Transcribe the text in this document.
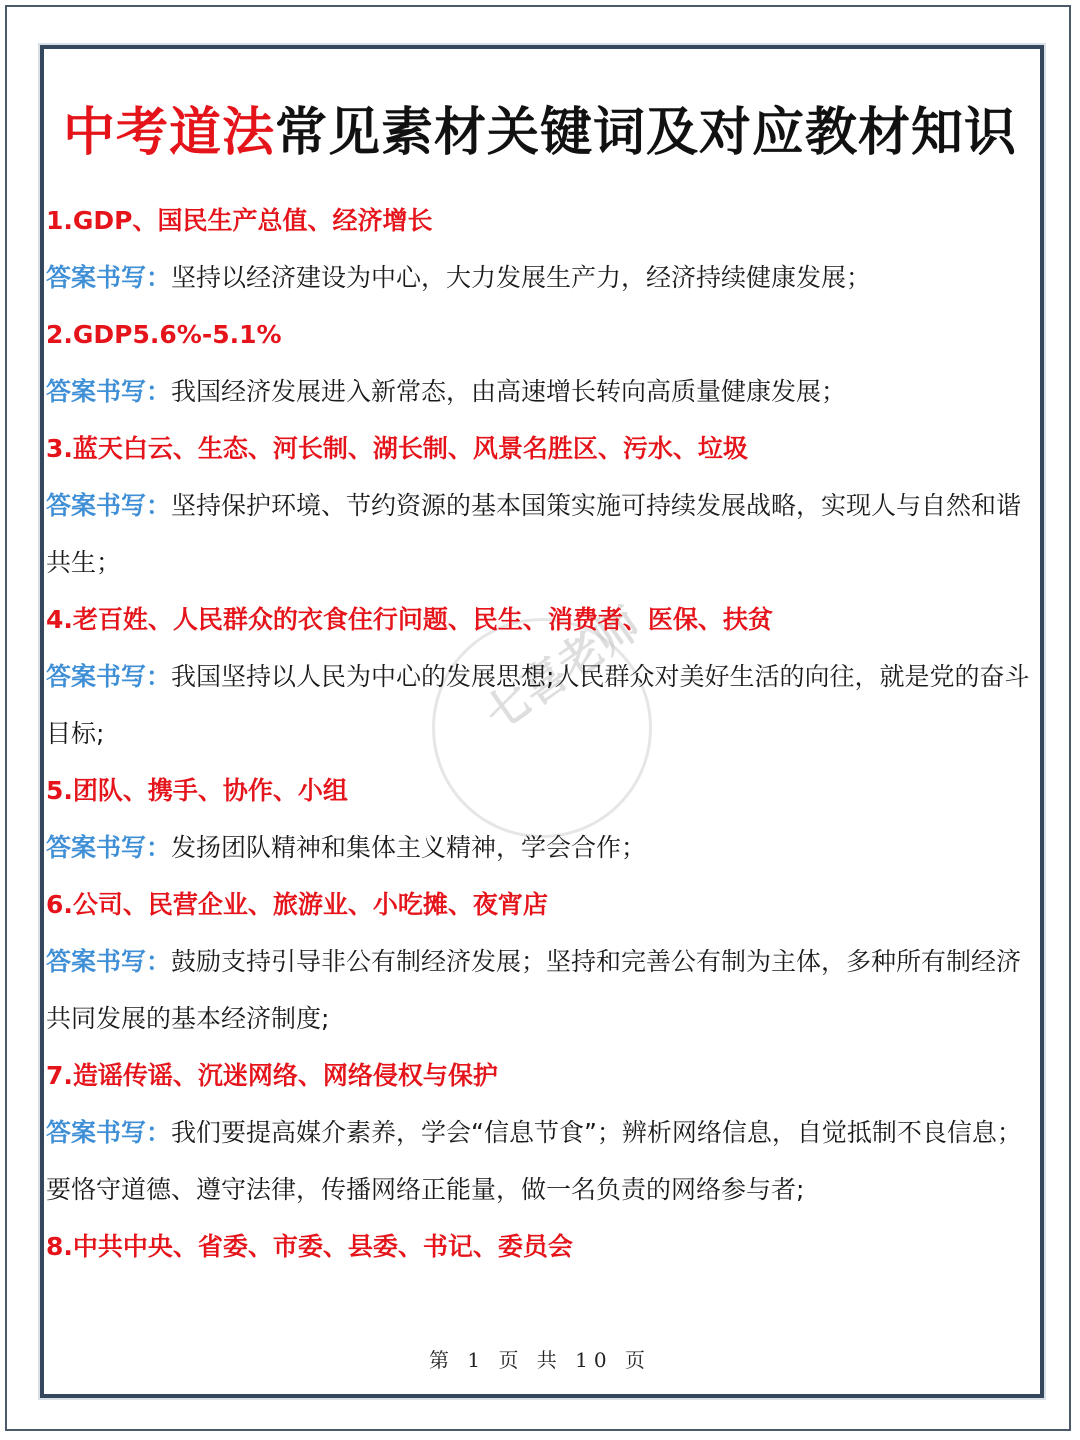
中考道法常见素材关键词及对应教材知识
七喜老师
1.GDP、国民生产总值、经济增长
答案书写：坚持以经济建设为中心，大力发展生产力，经济持续健康发展；
2.GDP5.6%-5.1%
答案书写：我国经济发展进入新常态，由高速增长转向高质量健康发展；
3.蓝天白云、生态、河长制、湖长制、风景名胜区、污水、垃圾
答案书写：坚持保护环境、节约资源的基本国策实施可持续发展战略，实现人与自然和谐
共生；
4.老百姓、人民群众的衣食住行问题、民生、消费者、医保、扶贫
答案书写：我国坚持以人民为中心的发展思想;人民群众对美好生活的向往，就是党的奋斗
目标;
5.团队、携手、协作、小组
答案书写：发扬团队精神和集体主义精神，学会合作；
6.公司、民营企业、旅游业、小吃摊、夜宵店
答案书写：鼓励支持引导非公有制经济发展；坚持和完善公有制为主体，多种所有制经济
共同发展的基本经济制度;
7.造谣传谣、沉迷网络、网络侵权与保护
答案书写：我们要提高媒介素养，学会“信息节食”；辨析网络信息，自觉抵制不良信息；
要恪守道德、遵守法律，传播网络正能量，做一名负责的网络参与者;
8.中共中央、省委、市委、县委、书记、委员会
第 1 页 共 10 页
